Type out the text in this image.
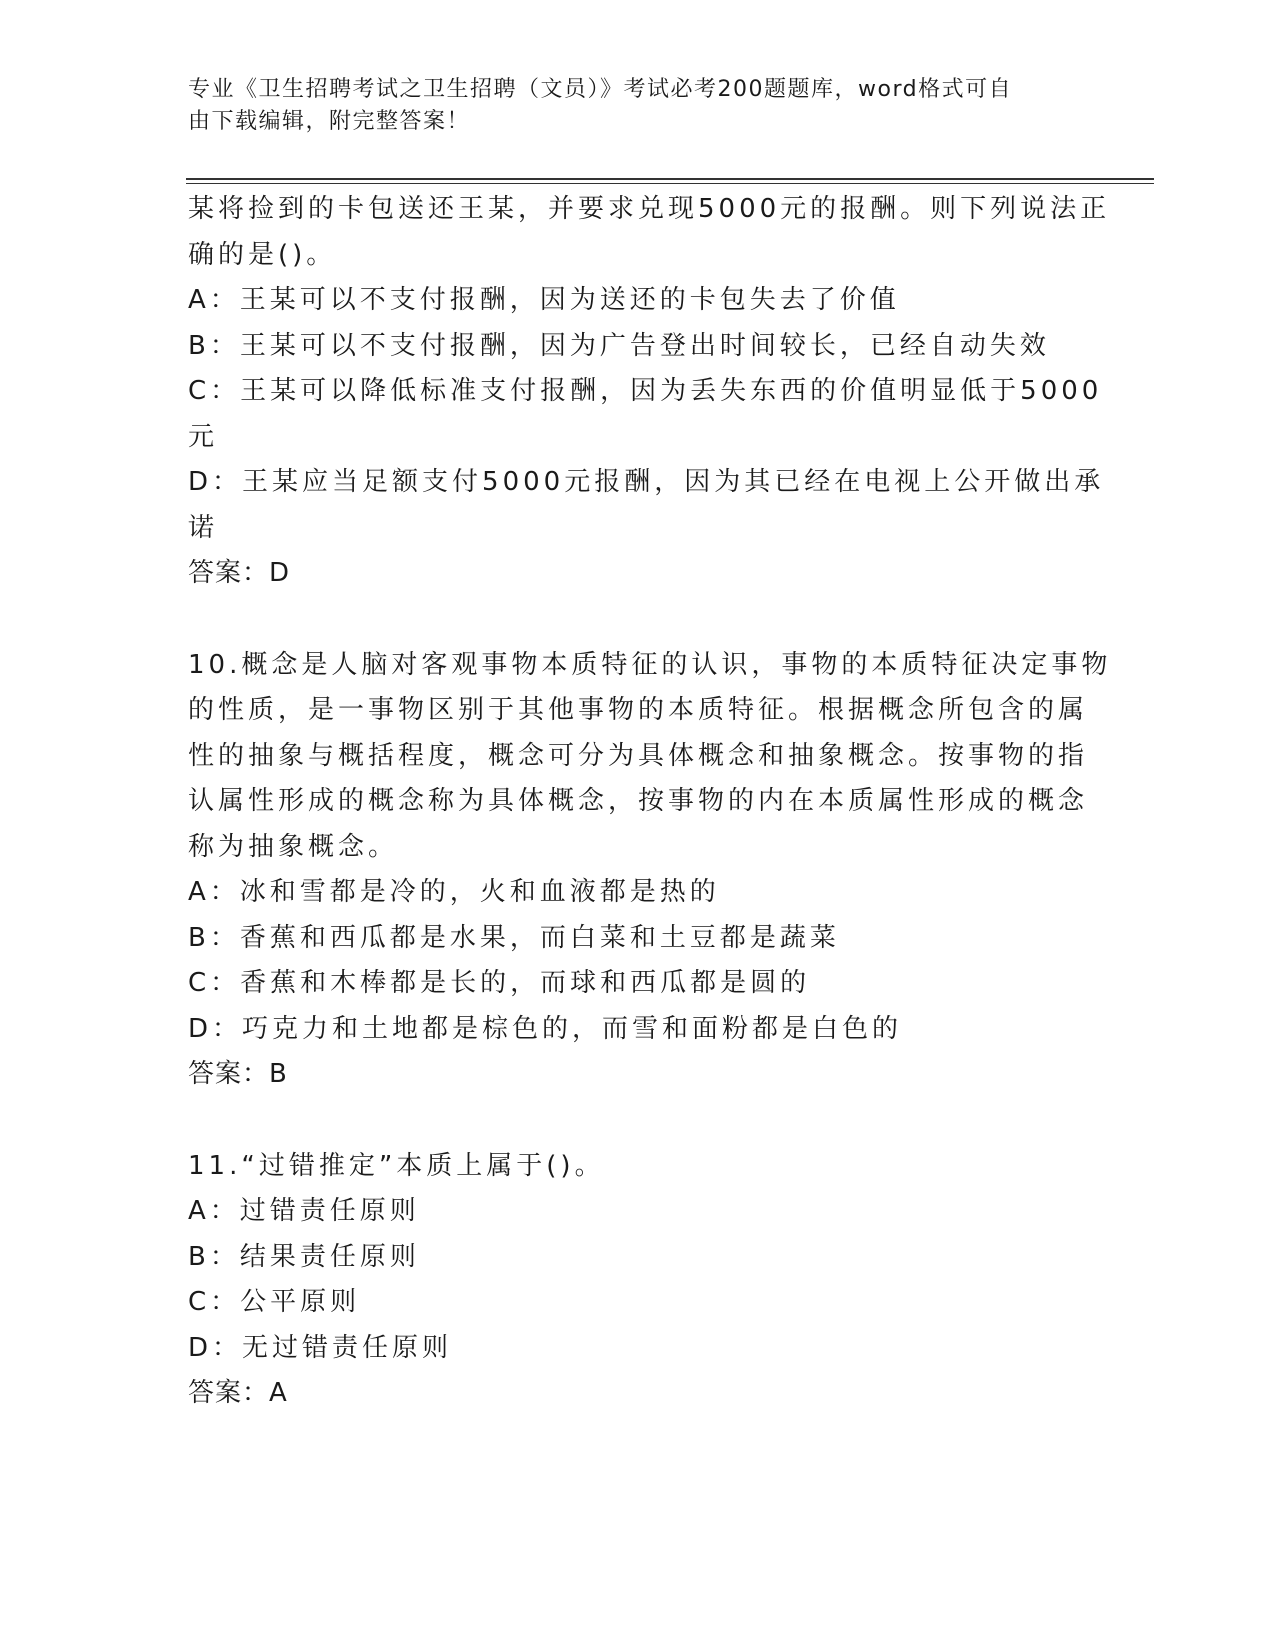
专业《卫生招聘考试之卫生招聘（文员）》考试必考200题题库，word格式可自
由下载编辑，附完整答案！
某将捡到的卡包送还王某，并要求兑现5000元的报酬。则下列说法正
确的是()。
A：王某可以不支付报酬，因为送还的卡包失去了价值
B：王某可以不支付报酬，因为广告登出时间较长，已经自动失效
C：王某可以降低标准支付报酬，因为丢失东西的价值明显低于5000
元
D：王某应当足额支付5000元报酬，因为其已经在电视上公开做出承
诺
答案：D
10.概念是人脑对客观事物本质特征的认识，事物的本质特征决定事物
的性质，是一事物区别于其他事物的本质特征。根据概念所包含的属
性的抽象与概括程度，概念可分为具体概念和抽象概念。按事物的指
认属性形成的概念称为具体概念，按事物的内在本质属性形成的概念
称为抽象概念。
A：冰和雪都是冷的，火和血液都是热的
B：香蕉和西瓜都是水果，而白菜和土豆都是蔬菜
C：香蕉和木棒都是长的，而球和西瓜都是圆的
D：巧克力和土地都是棕色的，而雪和面粉都是白色的
答案：B
11.“过错推定”本质上属于()。
A：过错责任原则
B：结果责任原则
C：公平原则
D：无过错责任原则
答案：A
